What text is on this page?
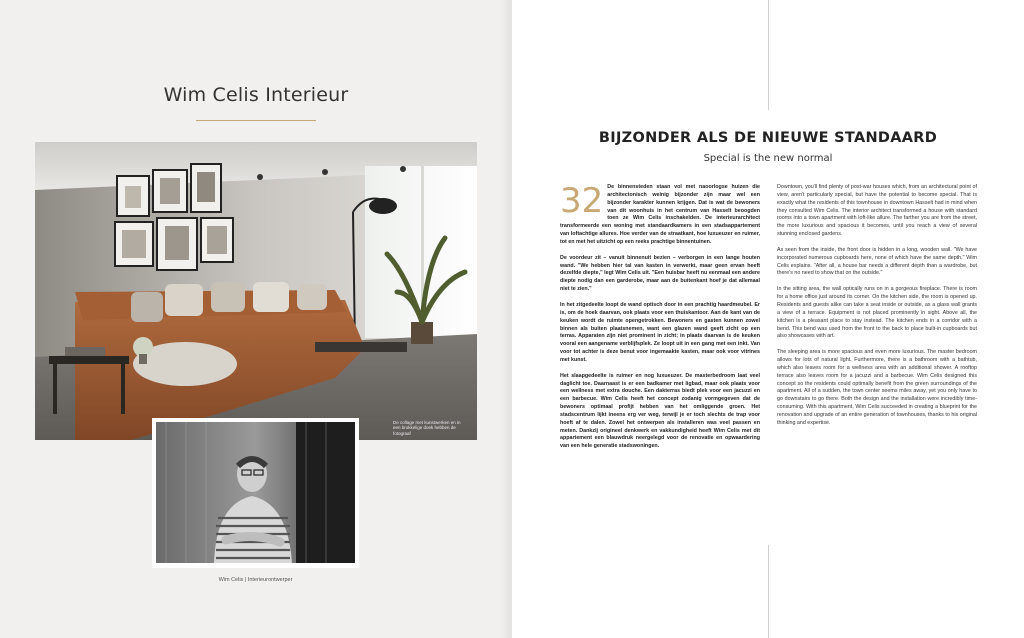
Wim Celis Interieur
De collage met kunstwerken en in een brokkelige doek hebben de fotograaf
Wim Celis | Interieurontwerper
BIJZONDER ALS DE NIEUWE STANDAARD
Special is the new normal

32 De binnensteden staan vol met naoorlogse huizen die architectonisch weinig bijzonder zijn maar wel een bijzonder karakter kunnen krijgen. Dat is wat de bewoners van dit woonhuis in het centrum van Hasselt beoogden toen ze Wim Celis inschakelden. De interieurarchitect transformeerde een woning met standaardkamers in een stadsappartement van loftachtige allures. Hoe verder van de straatkant, hoe luxueuzer en ruimer, tot en met het uitzicht op een reeks prachtige binnentuinen.

De voordeur zit – vanuit binnenuit bezien – verborgen in een lange houten wand. "We hebben hier tal van kasten in verwerkt, maar geen ervan heeft dezelfde diepte," legt Wim Celis uit. "Een huisbar heeft nu eenmaal een andere diepte nodig dan een garderobe, maar aan de buitenkant hoef je dat allemaal niet te zien."

In het zitgedeelte loopt de wand optisch door in een prachtig haardmeubel. Er is, om de hoek daarvan, ook plaats voor een thuiskantoor. Aan de kant van de keuken wordt de ruimte opengetrokken. Bewoners en gasten kunnen zowel binnen als buiten plaatsnemen, want een glazen wand geeft zicht op een terras. Apparaten zijn niet prominent in zicht; in plaats daarvan is de keuken vooral een aangename verblijfsplek. Ze loopt uit in een gang met een inkt. Van voor tot achter is deze benut voor ingemaakte kasten, maar ook voor vitrines met kunst.

Het slaapgedeelte is ruimer en nog luxueuzer. De masterbedroom laat veel daglicht toe. Daarnaast is er een badkamer met ligbad, maar ook plaats voor een wellness met extra douche. Een dakterras biedt plek voor een jacuzzi en een barbecue. Wim Celis heeft het concept zodanig vormgegeven dat de bewoners optimaal profijt hebben van het omliggende groen. Het stadscentrum lijkt ineens erg ver weg, terwijl je er toch slechts de trap voor hoeft af te dalen. Zowel het ontwerpen als installeren was veel passen en meten. Dankzij origineel denkwerk en vakkundigheid heeft Wim Celis met dit appartement een blauwdruk neergelegd voor de renovatie en opwaardering van een hele generatie stadswoningen.

Downtown, you'll find plenty of post-war houses which, from an architectural point of view, aren't particularly special, but have the potential to become special. That is exactly what the residents of this townhouse in downtown Hasselt had in mind when they consulted Wim Celis. The interior architect transformed a house with standard rooms into a town apartment with loft-like allure. The farther you are from the street, the more luxurious and spacious it becomes, until you reach a view of several stunning enclosed gardens.

As seen from the inside, the front door is hidden in a long, wooden wall. "We have incorporated numerous cupboards here, none of which have the same depth," Wim Celis explains. "After all, a house bar needs a different depth than a wardrobe, but there's no need to show that on the outside."

In the sitting area, the wall optically runs on in a gorgeous fireplace. There is room for a home office just around its corner. On the kitchen side, the room is opened up. Residents and guests alike can take a seat inside or outside, as a glass wall grants a view of a terrace. Equipment is not placed prominently in sight. Above all, the kitchen is a pleasant place to stay instead. The kitchen ends in a corridor with a bend. This bend was used from the front to the back to place built-in cupboards but also showcases with art.

The sleeping area is more spacious and even more luxurious. The master bedroom allows for lots of natural light. Furthermore, there is a bathroom with a bathtub, which also leaves room for a wellness area with an additional shower. A rooftop terrace also leaves room for a jacuzzi and a barbecue. Wim Celis designed this concept so the residents could optimally benefit from the green surroundings of the apartment. All of a sudden, the town center seems miles away, yet you only have to go downstairs to go there. Both the design and the installation were incredibly time-consuming. With this apartment, Wim Celis succeeded in creating a blueprint for the renovation and upgrade of an entire generation of townhouses, thanks to his original thinking and expertise.
